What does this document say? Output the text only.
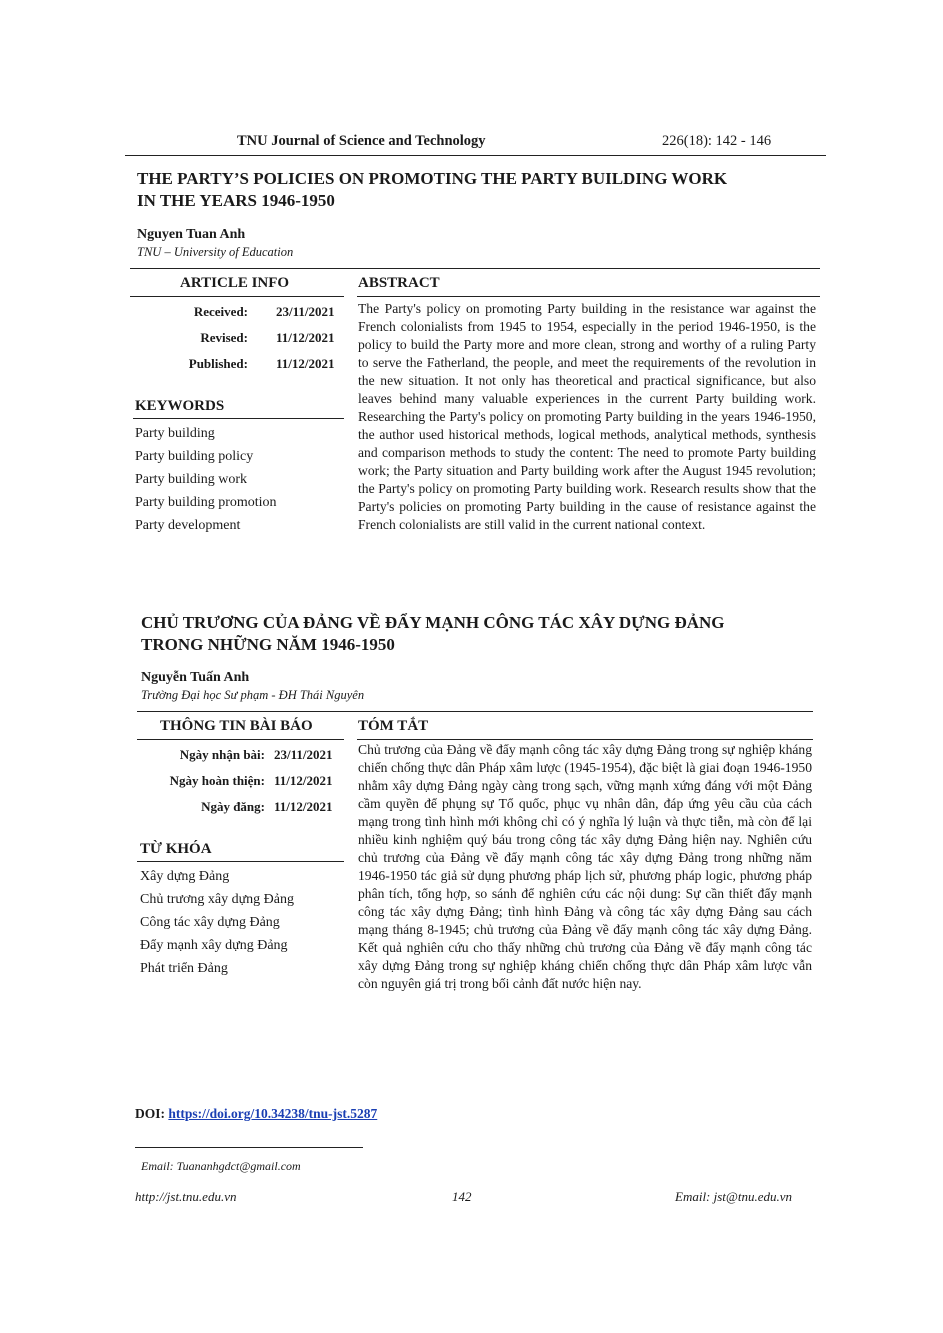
TNU Journal of Science and Technology	226(18): 142 - 146
THE PARTY’S POLICIES ON PROMOTING THE PARTY BUILDING WORK
IN THE YEARS 1946-1950
Nguyen Tuan Anh
TNU – University of Education
ARTICLE INFO	ABSTRACT
Received: 23/11/2021
Revised: 11/12/2021
Published: 11/12/2021
KEYWORDS
Party building
Party building policy
Party building work
Party building promotion
Party development
The Party's policy on promoting Party building in the resistance war against the French colonialists from 1945 to 1954, especially in the period 1946-1950, is the policy to build the Party more and more clean, strong and worthy of a ruling Party to serve the Fatherland, the people, and meet the requirements of the revolution in the new situation. It not only has theoretical and practical significance, but also leaves behind many valuable experiences in the current Party building work. Researching the Party's policy on promoting Party building in the years 1946-1950, the author used historical methods, logical methods, analytical methods, synthesis and comparison methods to study the content: The need to promote Party building work; the Party situation and Party building work after the August 1945 revolution; the Party's policy on promoting Party building work. Research results show that the Party's policies on promoting Party building in the cause of resistance against the French colonialists are still valid in the current national context.
CHỦ TRƯƠNG CỦA ĐẢNG VỀ ĐẨY MẠNH CÔNG TÁC XÂY DỰNG ĐẢNG
TRONG NHỮNG NĂM 1946-1950
Nguyễn Tuấn Anh
Trường Đại học Sư phạm - ĐH Thái Nguyên
THÔNG TIN BÀI BÁO	TÓM TẮT
Ngày nhận bài: 23/11/2021
Ngày hoàn thiện: 11/12/2021
Ngày đăng: 11/12/2021
TỪ KHÓA
Xây dựng Đảng
Chủ trương xây dựng Đảng
Công tác xây dựng Đảng
Đẩy mạnh xây dựng Đảng
Phát triển Đảng
Chủ trương của Đảng về đẩy mạnh công tác xây dựng Đảng trong sự nghiệp kháng chiến chống thực dân Pháp xâm lược (1945-1954), đặc biệt là giai đoạn 1946-1950 nhằm xây dựng Đảng ngày càng trong sạch, vững mạnh xứng đáng với một Đảng cầm quyền để phụng sự Tổ quốc, phục vụ nhân dân, đáp ứng yêu cầu của cách mạng trong tình hình mới không chỉ có ý nghĩa lý luận và thực tiễn, mà còn để lại nhiều kinh nghiệm quý báu trong công tác xây dựng Đảng hiện nay. Nghiên cứu chủ trương của Đảng về đẩy mạnh công tác xây dựng Đảng trong những năm 1946-1950 tác giả sử dụng phương pháp lịch sử, phương pháp logic, phương pháp phân tích, tổng hợp, so sánh để nghiên cứu các nội dung: Sự cần thiết đẩy mạnh công tác xây dựng Đảng; tình hình Đảng và công tác xây dựng Đảng sau cách mạng tháng 8-1945; chủ trương của Đảng về đẩy mạnh công tác xây dựng Đảng. Kết quả nghiên cứu cho thấy những chủ trương của Đảng về đẩy mạnh công tác xây dựng Đảng trong sự nghiệp kháng chiến chống thực dân Pháp xâm lược vẫn còn nguyên giá trị trong bối cảnh đất nước hiện nay.
DOI: https://doi.org/10.34238/tnu-jst.5287
Email: Tuananhgdct@gmail.com
http://jst.tnu.edu.vn	142	Email: jst@tnu.edu.vn
